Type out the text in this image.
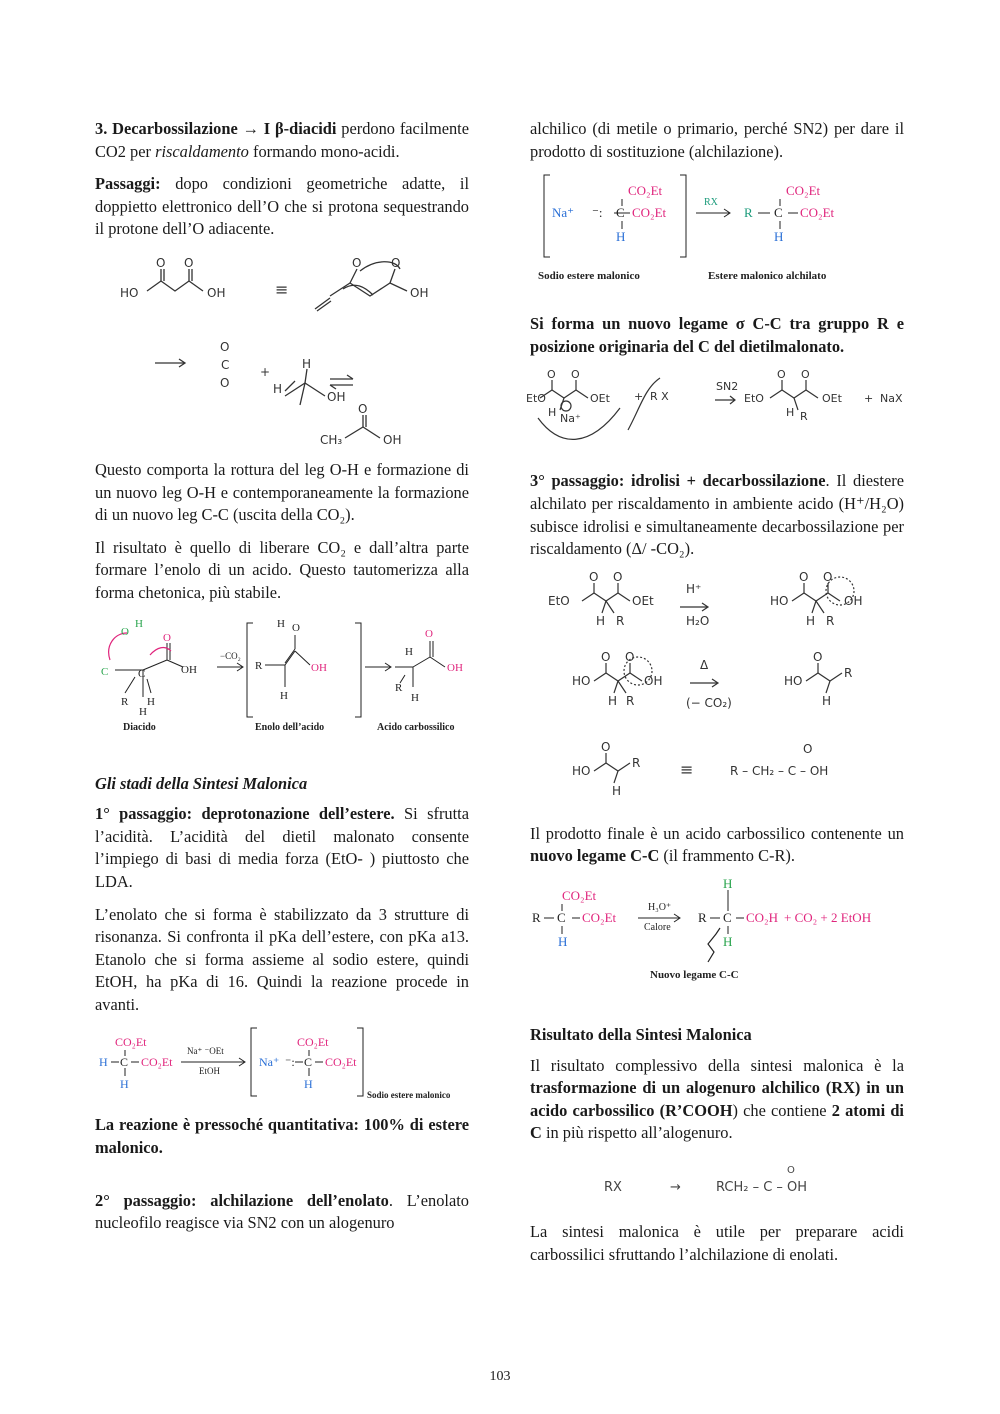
3. Decarbossilazione → I β-diacidi perdono facilmente CO2 per riscaldamento formando mono-acidi.

Passaggi: dopo condizioni geometriche adatte, il doppietto elettronico dell’O che si protona sequestrando il protone dell’O adiacente.

HO	OH
O O
≡	OH
O O
O
C
O
+
H
H
OH
CH₃	OH
O

Questo comporta la rottura del leg O-H e formazione di un nuovo leg O-H e contemporaneamente la formazione di un nuovo leg C-C (uscita della CO₂).

Il risultato è quello di liberare CO₂ e dall’altra parte formare l’enolo di un acido. Questo tautomerizza alla forma chetonica, più stabile.

O
H
C	C
O
OH
R H
H
−CO₂
R
H
O
H
OH
O
OH
R
H
H
Diacido	Enolo dell’acido	Acido carbossilico

Gli stadi della Sintesi Malonica

1° passaggio: deprotonazione dell’estere. Si sfrutta l’acidità. L’acidità del dietil malonato consente l’impiego di basi di media forza (EtO- ) piuttosto che LDA.

L’enolato che si forma è stabilizzato da 3 strutture di risonanza. Si confronta il pKa dell’estere, con pKa a13. Etanolo che si forma assieme al sodio estere, quindi EtOH, ha pKa di 16. Quindi la reazione procede in avanti.

CO₂Et
H C CO₂Et
H
Na⁺ ⁻OEt
EtOH
Na⁺ ⁻: C
CO₂Et
CO₂Et
H
Sodio estere malonico

La reazione è pressoché quantitativa: 100% di estere malonico.

2° passaggio: alchilazione dell’enolato. L’enolato nucleofilo reagisce via SN2 con un alogenuro

alchilico (di metile o primario, perché SN2) per dare il prodotto di sostituzione (alchilazione).

Na⁺ ⁻: C
CO₂Et
CO₂Et
H
RX
R C
CO₂Et
CO₂Et
H
Sodio estere malonico	Estere malonico alchilato

Si forma un nuovo legame σ C-C tra gruppo R e posizione originaria del C del dietilmalonato.

EtO	OEt
H Na⁺
O O
+ R X
SN2
EtO	OEt
H R
O O
+ NaX

3° passaggio: idrolisi + decarbossilazione. Il diestere alchilato per riscaldamento in ambiente acido (H⁺/H₂O) subisce idrolisi e simultaneamente decarbossilazione per riscaldamento (Δ/ -CO₂).

EtO	OEt
O O
H R
H⁺
H₂O
HO	OH
O O
H R
HO	OH
O O
H R
Δ
(− CO₂)
HO
O
R
H
HO
O
R
H
≡	R – CH₂ – C – OH
O

Il prodotto finale è un acido carbossilico contenente un nuovo legame C-C (il frammento C-R).

R C
CO₂Et
CO₂Et
H
H₃O⁺
Calore
R C
H
CO₂H
H
+ CO₂ + 2 EtOH
Nuovo legame C-C

Risultato della Sintesi Malonica

Il risultato complessivo della sintesi malonica è la trasformazione di un alogenuro alchilico (RX) in un acido carbossilico (R’COOH) che contiene 2 atomi di C in più rispetto all’alogenuro.

RX	→	RCH₂ – C – OH
O

La sintesi malonica è utile per preparare acidi carbossilici sfruttando l’alchilazione di enolati.

103
